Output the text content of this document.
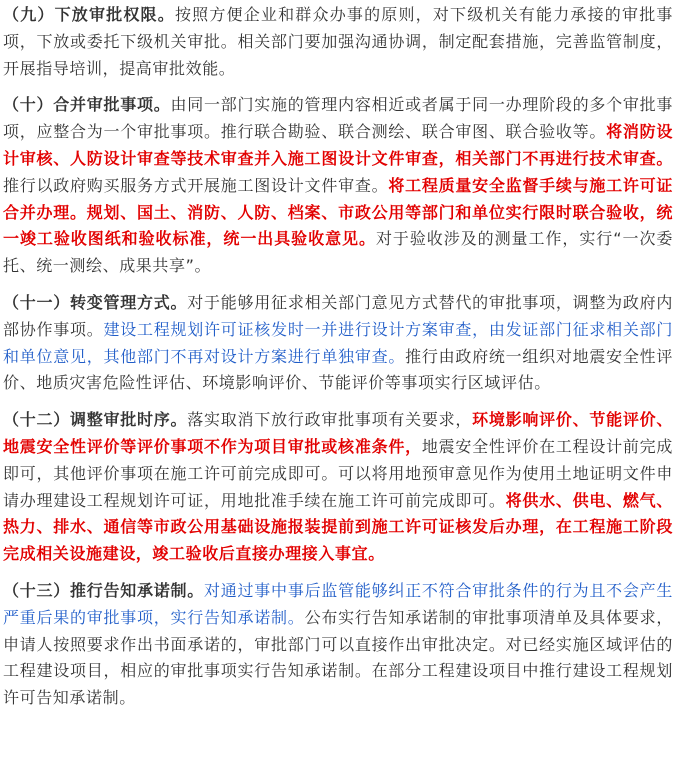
（九）下放审批权限。按照方便企业和群众办事的原则，对下级机关有能力承接的审批事项，下放或委托下级机关审批。相关部门要加强沟通协调，制定配套措施，完善监管制度，开展指导培训，提高审批效能。

（十）合并审批事项。由同一部门实施的管理内容相近或者属于同一办理阶段的多个审批事项，应整合为一个审批事项。推行联合勘验、联合测绘、联合审图、联合验收等。将消防设计审核、人防设计审查等技术审查并入施工图设计文件审查，相关部门不再进行技术审查。推行以政府购买服务方式开展施工图设计文件审查。将工程质量安全监督手续与施工许可证合并办理。规划、国土、消防、人防、档案、市政公用等部门和单位实行限时联合验收，统一竣工验收图纸和验收标准，统一出具验收意见。对于验收涉及的测量工作，实行“一次委托、统一测绘、成果共享”。

（十一）转变管理方式。对于能够用征求相关部门意见方式替代的审批事项，调整为政府内部协作事项。建设工程规划许可证核发时一并进行设计方案审查，由发证部门征求相关部门和单位意见，其他部门不再对设计方案进行单独审查。推行由政府统一组织对地震安全性评价、地质灾害危险性评估、环境影响评价、节能评价等事项实行区域评估。

（十二）调整审批时序。落实取消下放行政审批事项有关要求，环境影响评价、节能评价、地震安全性评价等评价事项不作为项目审批或核准条件，地震安全性评价在工程设计前完成即可，其他评价事项在施工许可前完成即可。可以将用地预审意见作为使用土地证明文件申请办理建设工程规划许可证，用地批准手续在施工许可前完成即可。将供水、供电、燃气、热力、排水、通信等市政公用基础设施报装提前到施工许可证核发后办理，在工程施工阶段完成相关设施建设，竣工验收后直接办理接入事宜。

（十三）推行告知承诺制。对通过事中事后监管能够纠正不符合审批条件的行为且不会产生严重后果的审批事项，实行告知承诺制。公布实行告知承诺制的审批事项清单及具体要求，申请人按照要求作出书面承诺的，审批部门可以直接作出审批决定。对已经实施区域评估的工程建设项目，相应的审批事项实行告知承诺制。在部分工程建设项目中推行建设工程规划许可告知承诺制。
